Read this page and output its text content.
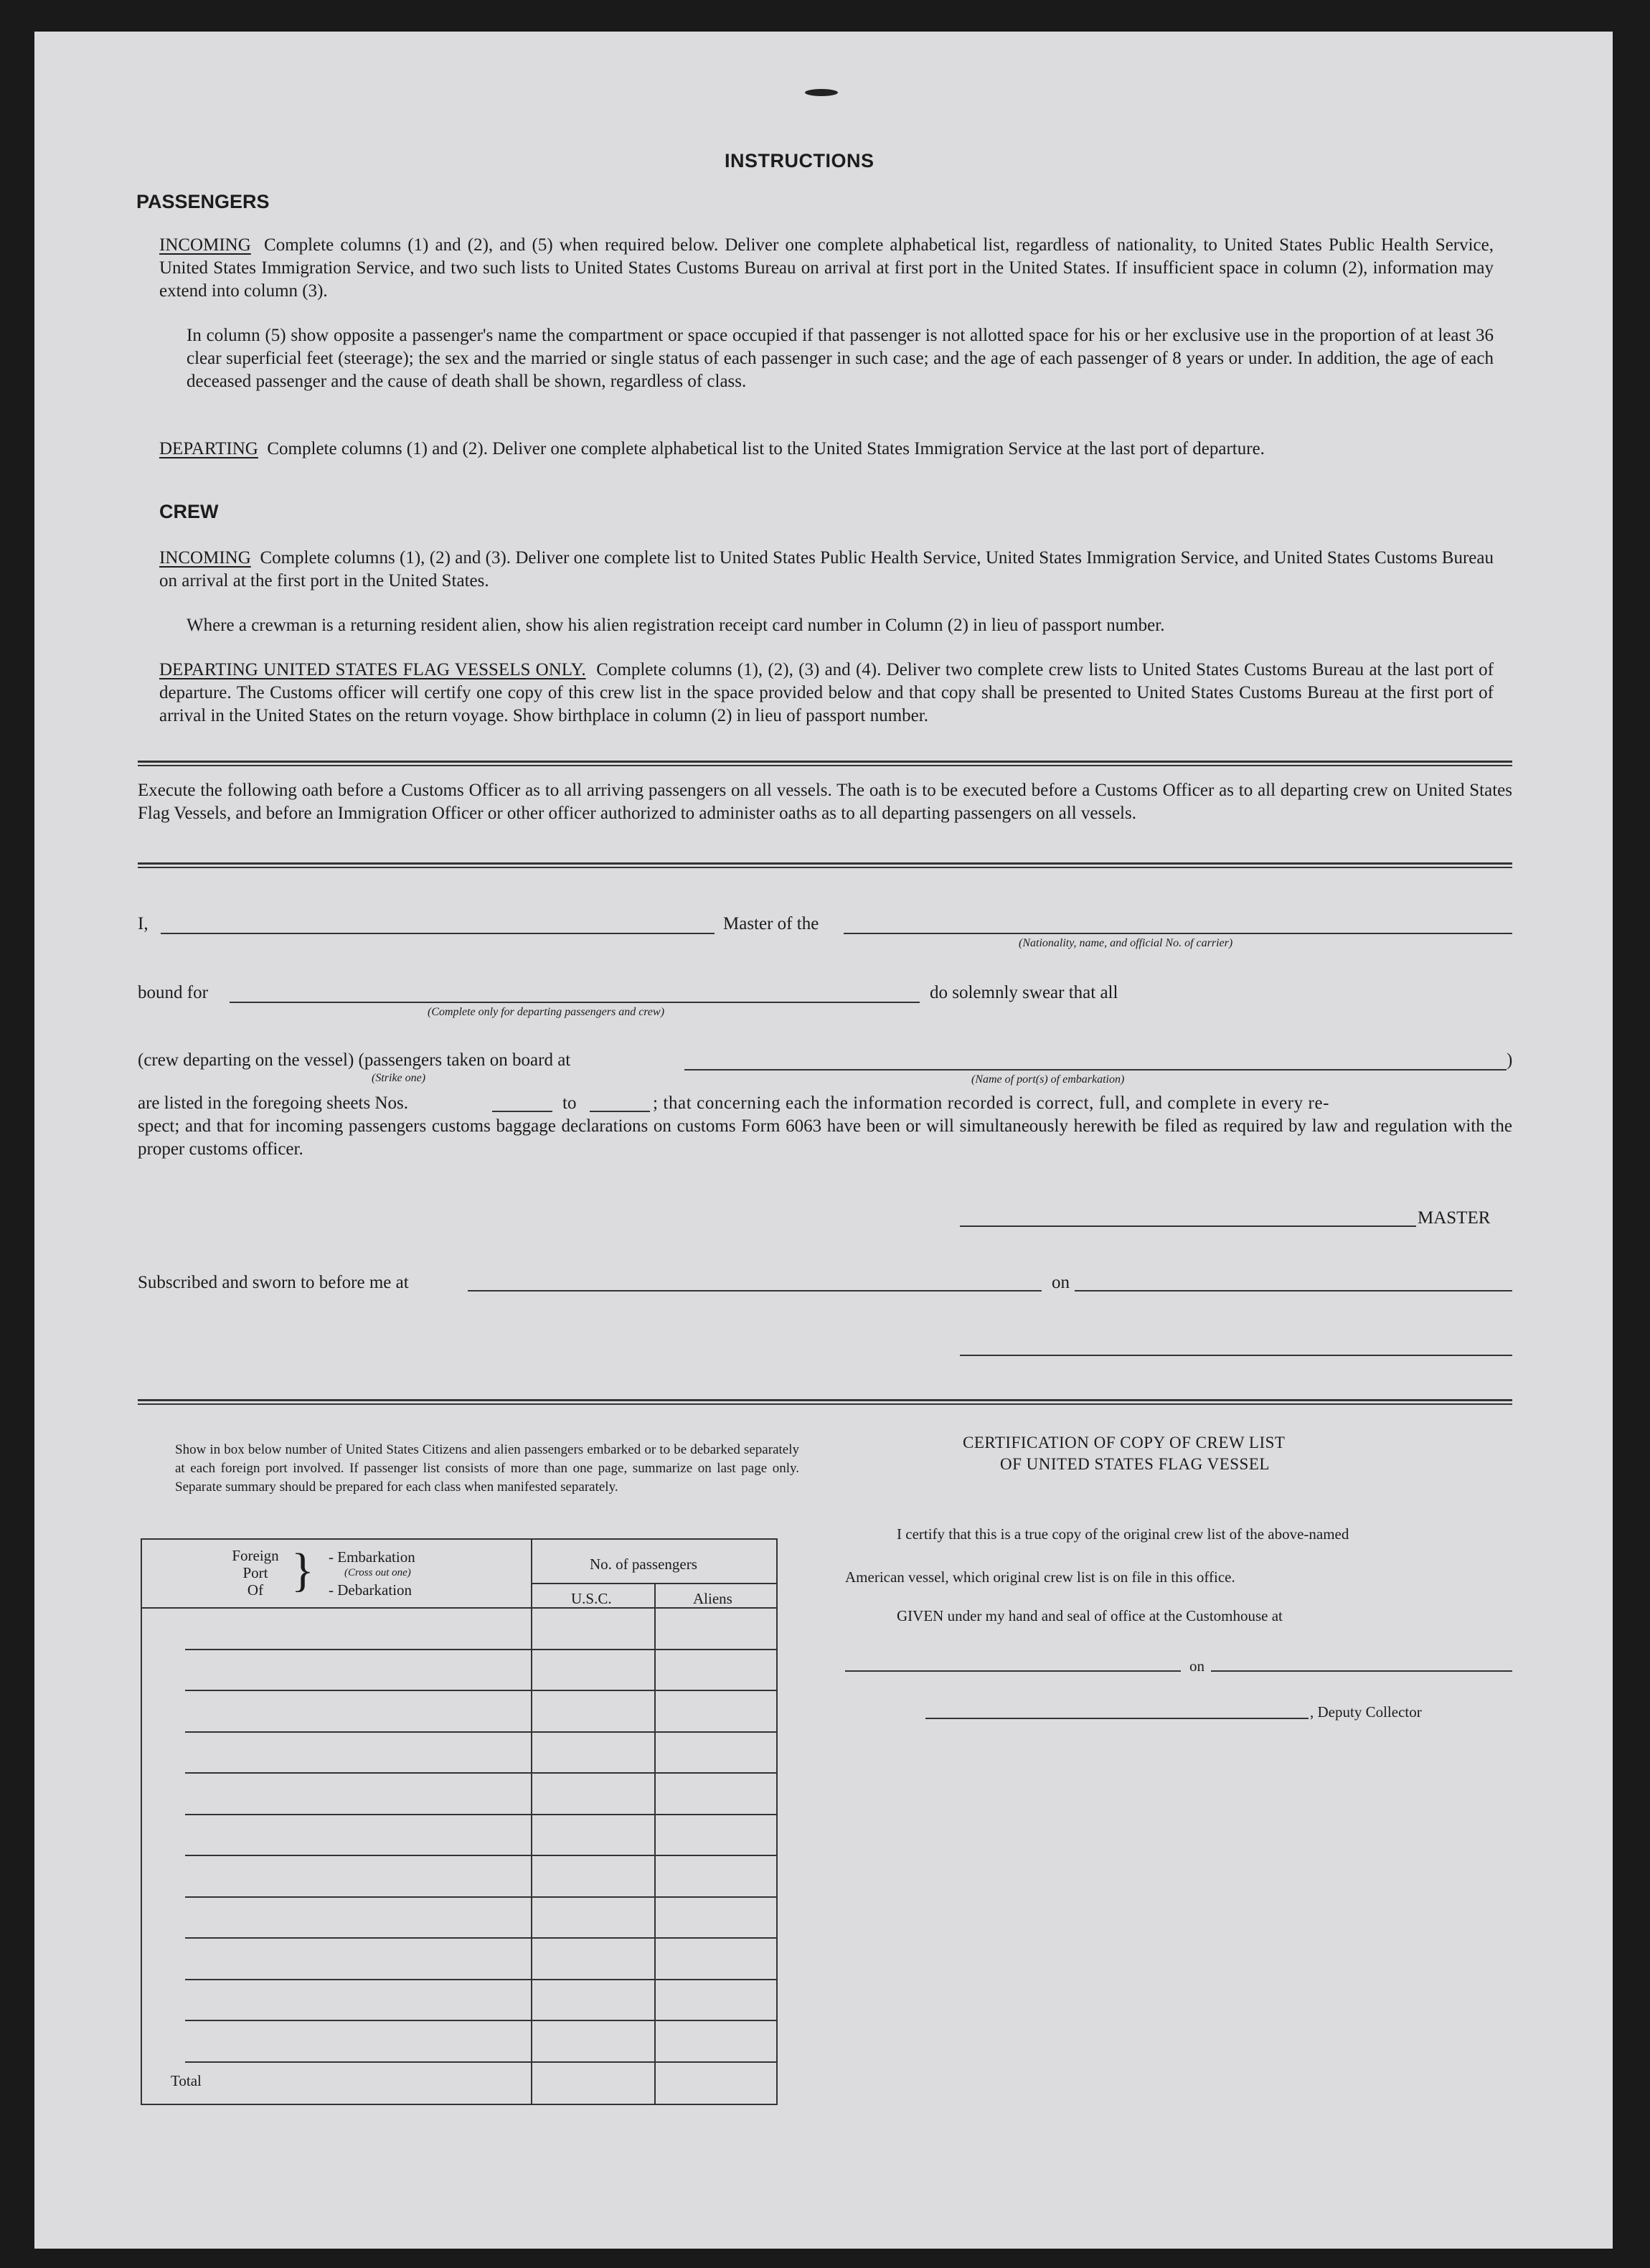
INSTRUCTIONS
PASSENGERS
INCOMING Complete columns (1) and (2), and (5) when required below. Deliver one complete alphabetical list, regardless of nationality, to United States Public Health Service, United States Immigration Service, and two such lists to United States Customs Bureau on arrival at first port in the United States. If insufficient space in column (2), information may extend into column (3).
In column (5) show opposite a passenger's name the compartment or space occupied if that passenger is not allotted space for his or her exclusive use in the proportion of at least 36 clear superficial feet (steerage); the sex and the married or single status of each passenger in such case; and the age of each passenger of 8 years or under. In addition, the age of each deceased passenger and the cause of death shall be shown, regardless of class.
DEPARTING Complete columns (1) and (2). Deliver one complete alphabetical list to the United States Immigration Service at the last port of departure.
CREW
INCOMING Complete columns (1), (2) and (3). Deliver one complete list to United States Public Health Service, United States Immigration Service, and United States Customs Bureau on arrival at the first port in the United States.
Where a crewman is a returning resident alien, show his alien registration receipt card number in Column (2) in lieu of passport number.
DEPARTING UNITED STATES FLAG VESSELS ONLY. Complete columns (1), (2), (3) and (4). Deliver two complete crew lists to United States Customs Bureau at the last port of departure. The Customs officer will certify one copy of this crew list in the space provided below and that copy shall be presented to United States Customs Bureau at the first port of arrival in the United States on the return voyage. Show birthplace in column (2) in lieu of passport number.
Execute the following oath before a Customs Officer as to all arriving passengers on all vessels. The oath is to be executed before a Customs Officer as to all departing crew on United States Flag Vessels, and before an Immigration Officer or other officer authorized to administer oaths as to all departing passengers on all vessels.
I,	Master of the
(Nationality, name, and official No. of carrier)
bound for
(Complete only for departing passengers and crew)
do solemnly swear that all
(crew departing on the vessel) (passengers taken on board at
(Strike one)	(Name of port(s) of embarkation)
)
are listed in the foregoing sheets Nos.	to	; that concerning each the information recorded is correct, full, and complete in every re-
spect; and that for incoming passengers customs baggage declarations on customs Form 6063 have been or will simultaneously herewith be filed as required by law and regulation with the proper customs officer.
MASTER
Subscribed and sworn to before me at	on
Show in box below number of United States Citizens and alien passengers embarked or to be debarked separately at each foreign port involved. If passenger list consists of more than one page, summarize on last page only. Separate summary should be prepared for each class when manifested separately.
Foreign
Port
Of } - Embarkation
(Cross out one)
- Debarkation
No. of passengers
U.S.C.	Aliens
Total
CERTIFICATION OF COPY OF CREW LIST
OF UNITED STATES FLAG VESSEL
I certify that this is a true copy of the original crew list of the above-named
American vessel, which original crew list is on file in this office.
GIVEN under my hand and seal of office at the Customhouse at
on
, Deputy Collector
